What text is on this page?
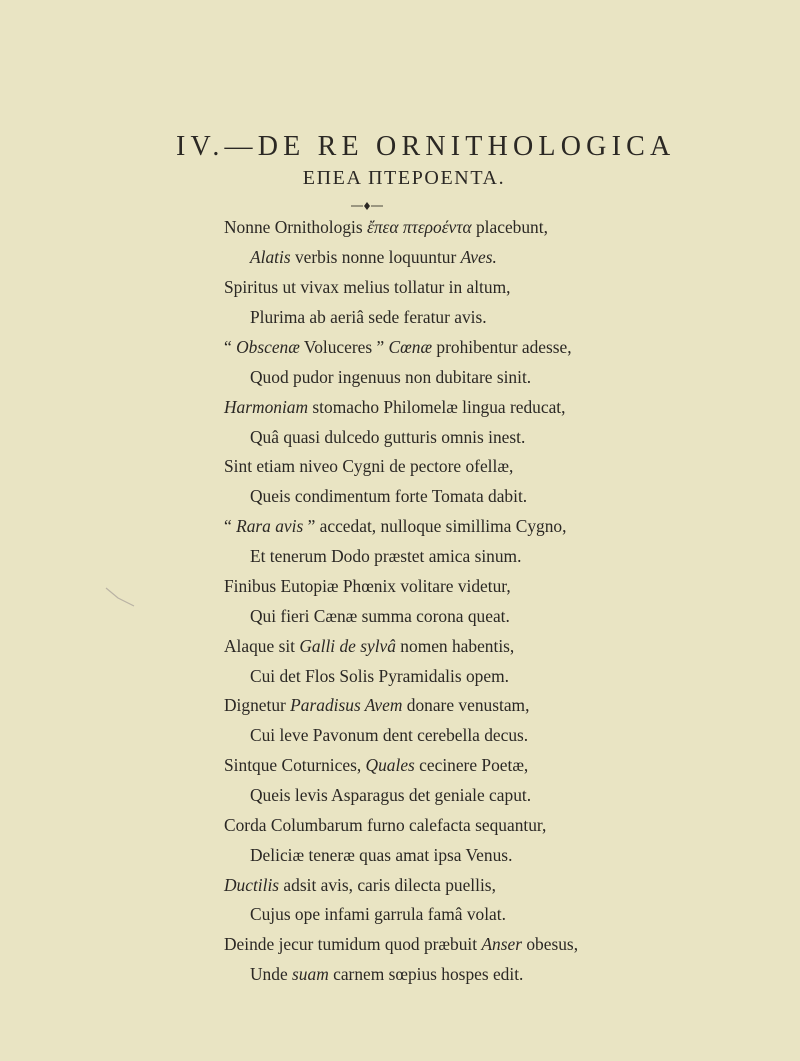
IV.—DE RE ORNITHOLOGICA
ΕΠΕΑ ΠΤΕΡΟΕΝΤΑ.
Nonne Ornithologis ἔπεα πτεροέντα placebunt,
Alatis verbis nonne loquuntur Aves.
Spiritus ut vivax melius tollatur in altum,
Plurima ab aeriâ sede feratur avis.
“ Obscenæ Voluceres ” Cœnæ prohibentur adesse,
Quod pudor ingenuus non dubitare sinit.
Harmoniam stomacho Philomelæ lingua reducat,
Quâ quasi dulcedo gutturis omnis inest.
Sint etiam niveo Cygni de pectore ofellæ,
Queis condimentum forte Tomata dabit.
“ Rara avis ” accedat, nulloque simillima Cygno,
Et tenerum Dodo præstet amica sinum.
Finibus Eutopiæ Phœnix volitare videtur,
Qui fieri Cænæ summa corona queat.
Alaque sit Galli de sylvâ nomen habentis,
Cui det Flos Solis Pyramidalis opem.
Dignetur Paradisus Avem donare venustam,
Cui leve Pavonum dent cerebella decus.
Sintque Coturnices, Quales cecinere Poetæ,
Queis levis Asparagus det geniale caput.
Corda Columbarum furno calefacta sequantur,
Deliciæ teneræ quas amat ipsa Venus.
Ductilis adsit avis, caris dilecta puellis,
Cujus ope infami garrula famâ volat.
Deinde jecur tumidum quod præbuit Anser obesus,
Unde suam carnem sœpius hospes edit.
